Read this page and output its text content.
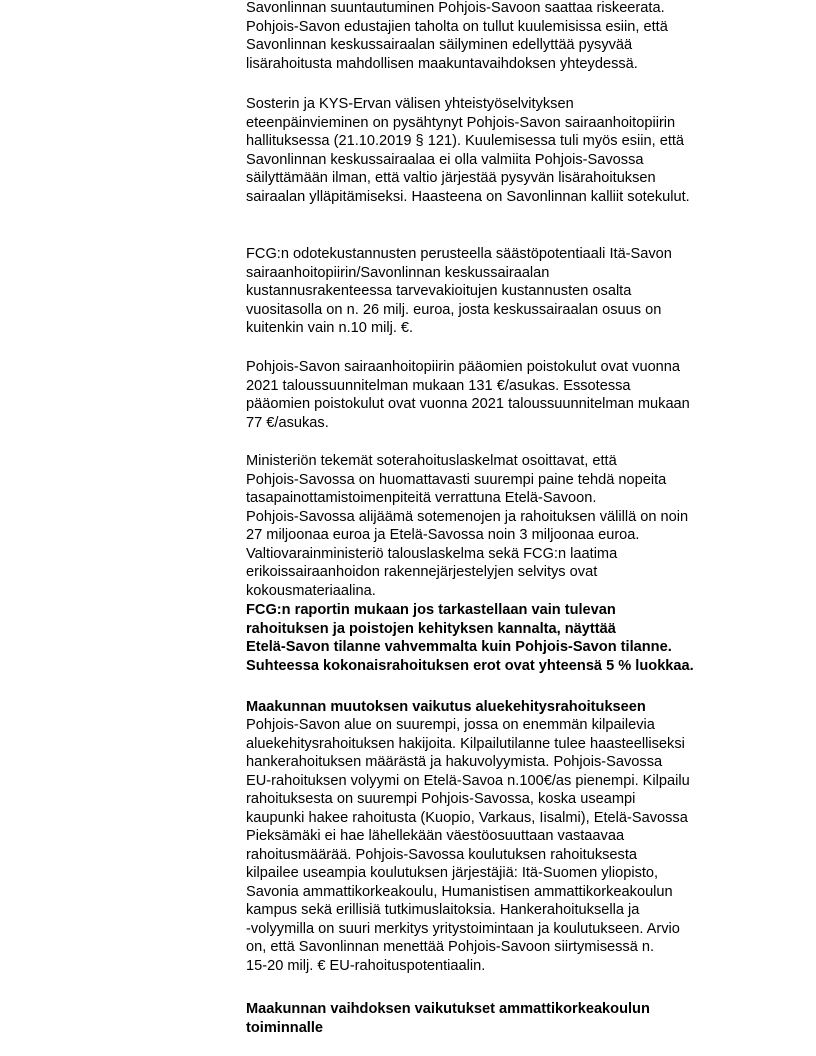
Savonlinnan suuntautuminen Pohjois-Savoon saattaa riskeerata.
Pohjois-Savon edustajien taholta on tullut kuulemisissa esiin, että
Savonlinnan keskussairaalan säilyminen edellyttää pysyvää
lisärahoitusta mahdollisen maakuntavaihdoksen yhteydessä.
Sosterin ja KYS-Ervan välisen yhteistyöselvityksen
eteenpäinvieminen on pysähtynyt Pohjois-Savon sairaanhoitopiirin
hallituksessa (21.10.2019 § 121). Kuulemisessa tuli myös esiin, että
Savonlinnan keskussairaalaa ei olla valmiita Pohjois-Savossa
säilyttämään ilman, että valtio järjestää pysyvän lisärahoituksen
sairaalan ylläpitämiseksi. Haasteena on Savonlinnan kalliit sotekulut.
FCG:n odotekustannusten perusteella säästöpotentiaali Itä-Savon
sairaanhoitopiirin/Savonlinnan keskussairaalan
kustannusrakenteessa tarvevakioitujen kustannusten osalta
vuositasolla on n. 26 milj. euroa, josta keskussairaalan osuus on
kuitenkin vain n.10 milj. €.
Pohjois-Savon sairaanhoitopiirin pääomien poistokulut ovat vuonna
2021 taloussuunnitelman mukaan 131 €/asukas. Essotessa
pääomien poistokulut ovat vuonna 2021 taloussuunnitelman mukaan
77 €/asukas.
Ministeriön tekemät soterahoituslaskelmat osoittavat, että
Pohjois-Savossa on huomattavasti suurempi paine tehdä nopeita
tasapainottamistoimenpiteitä verrattuna Etelä-Savoon.
Pohjois-Savossa alijäämä sotemenojen ja rahoituksen välillä on noin
27 miljoonaa euroa ja Etelä-Savossa noin 3 miljoonaa euroa.
Valtiovarainministeriö talouslaskelma sekä FCG:n laatima
erikoissairaanhoidon rakennejärjestelyjen selvitys ovat
kokousmateriaalina.
FCG:n raportin mukaan jos tarkastellaan vain tulevan
rahoituksen ja poistojen kehityksen kannalta, näyttää
Etelä-Savon tilanne vahvemmalta kuin Pohjois-Savon tilanne.
Suhteessa kokonaisrahoituksen erot ovat yhteensä 5 % luokkaa.
Maakunnan muutoksen vaikutus aluekehitysrahoitukseen
Pohjois-Savon alue on suurempi, jossa on enemmän kilpailevia
aluekehitysrahoituksen hakijoita. Kilpailutilanne tulee haasteelliseksi
hankerahoituksen määrästä ja hakuvolyymista. Pohjois-Savossa
EU-rahoituksen volyymi on Etelä-Savoa n.100€/as pienempi. Kilpailu
rahoituksesta on suurempi Pohjois-Savossa, koska useampi
kaupunki hakee rahoitusta (Kuopio, Varkaus, Iisalmi), Etelä-Savossa
Pieksämäki ei hae lähellekään väestöosuuttaan vastaavaa
rahoitusmäärää. Pohjois-Savossa koulutuksen rahoituksesta
kilpailee useampia koulutuksen järjestäjiä: Itä-Suomen yliopisto,
Savonia ammattikorkeakoulu, Humanistisen ammattikorkeakoulun
kampus sekä erillisiä tutkimuslaitoksia. Hankerahoituksella ja
-volyymilla on suuri merkitys yritystoimintaan ja koulutukseen. Arvio
on, että Savonlinnan menettää Pohjois-Savoon siirtymisessä n.
15-20 milj. € EU-rahoituspotentiaalin.
Maakunnan vaihdoksen vaikutukset ammattikorkeakoulun
toiminnalle
